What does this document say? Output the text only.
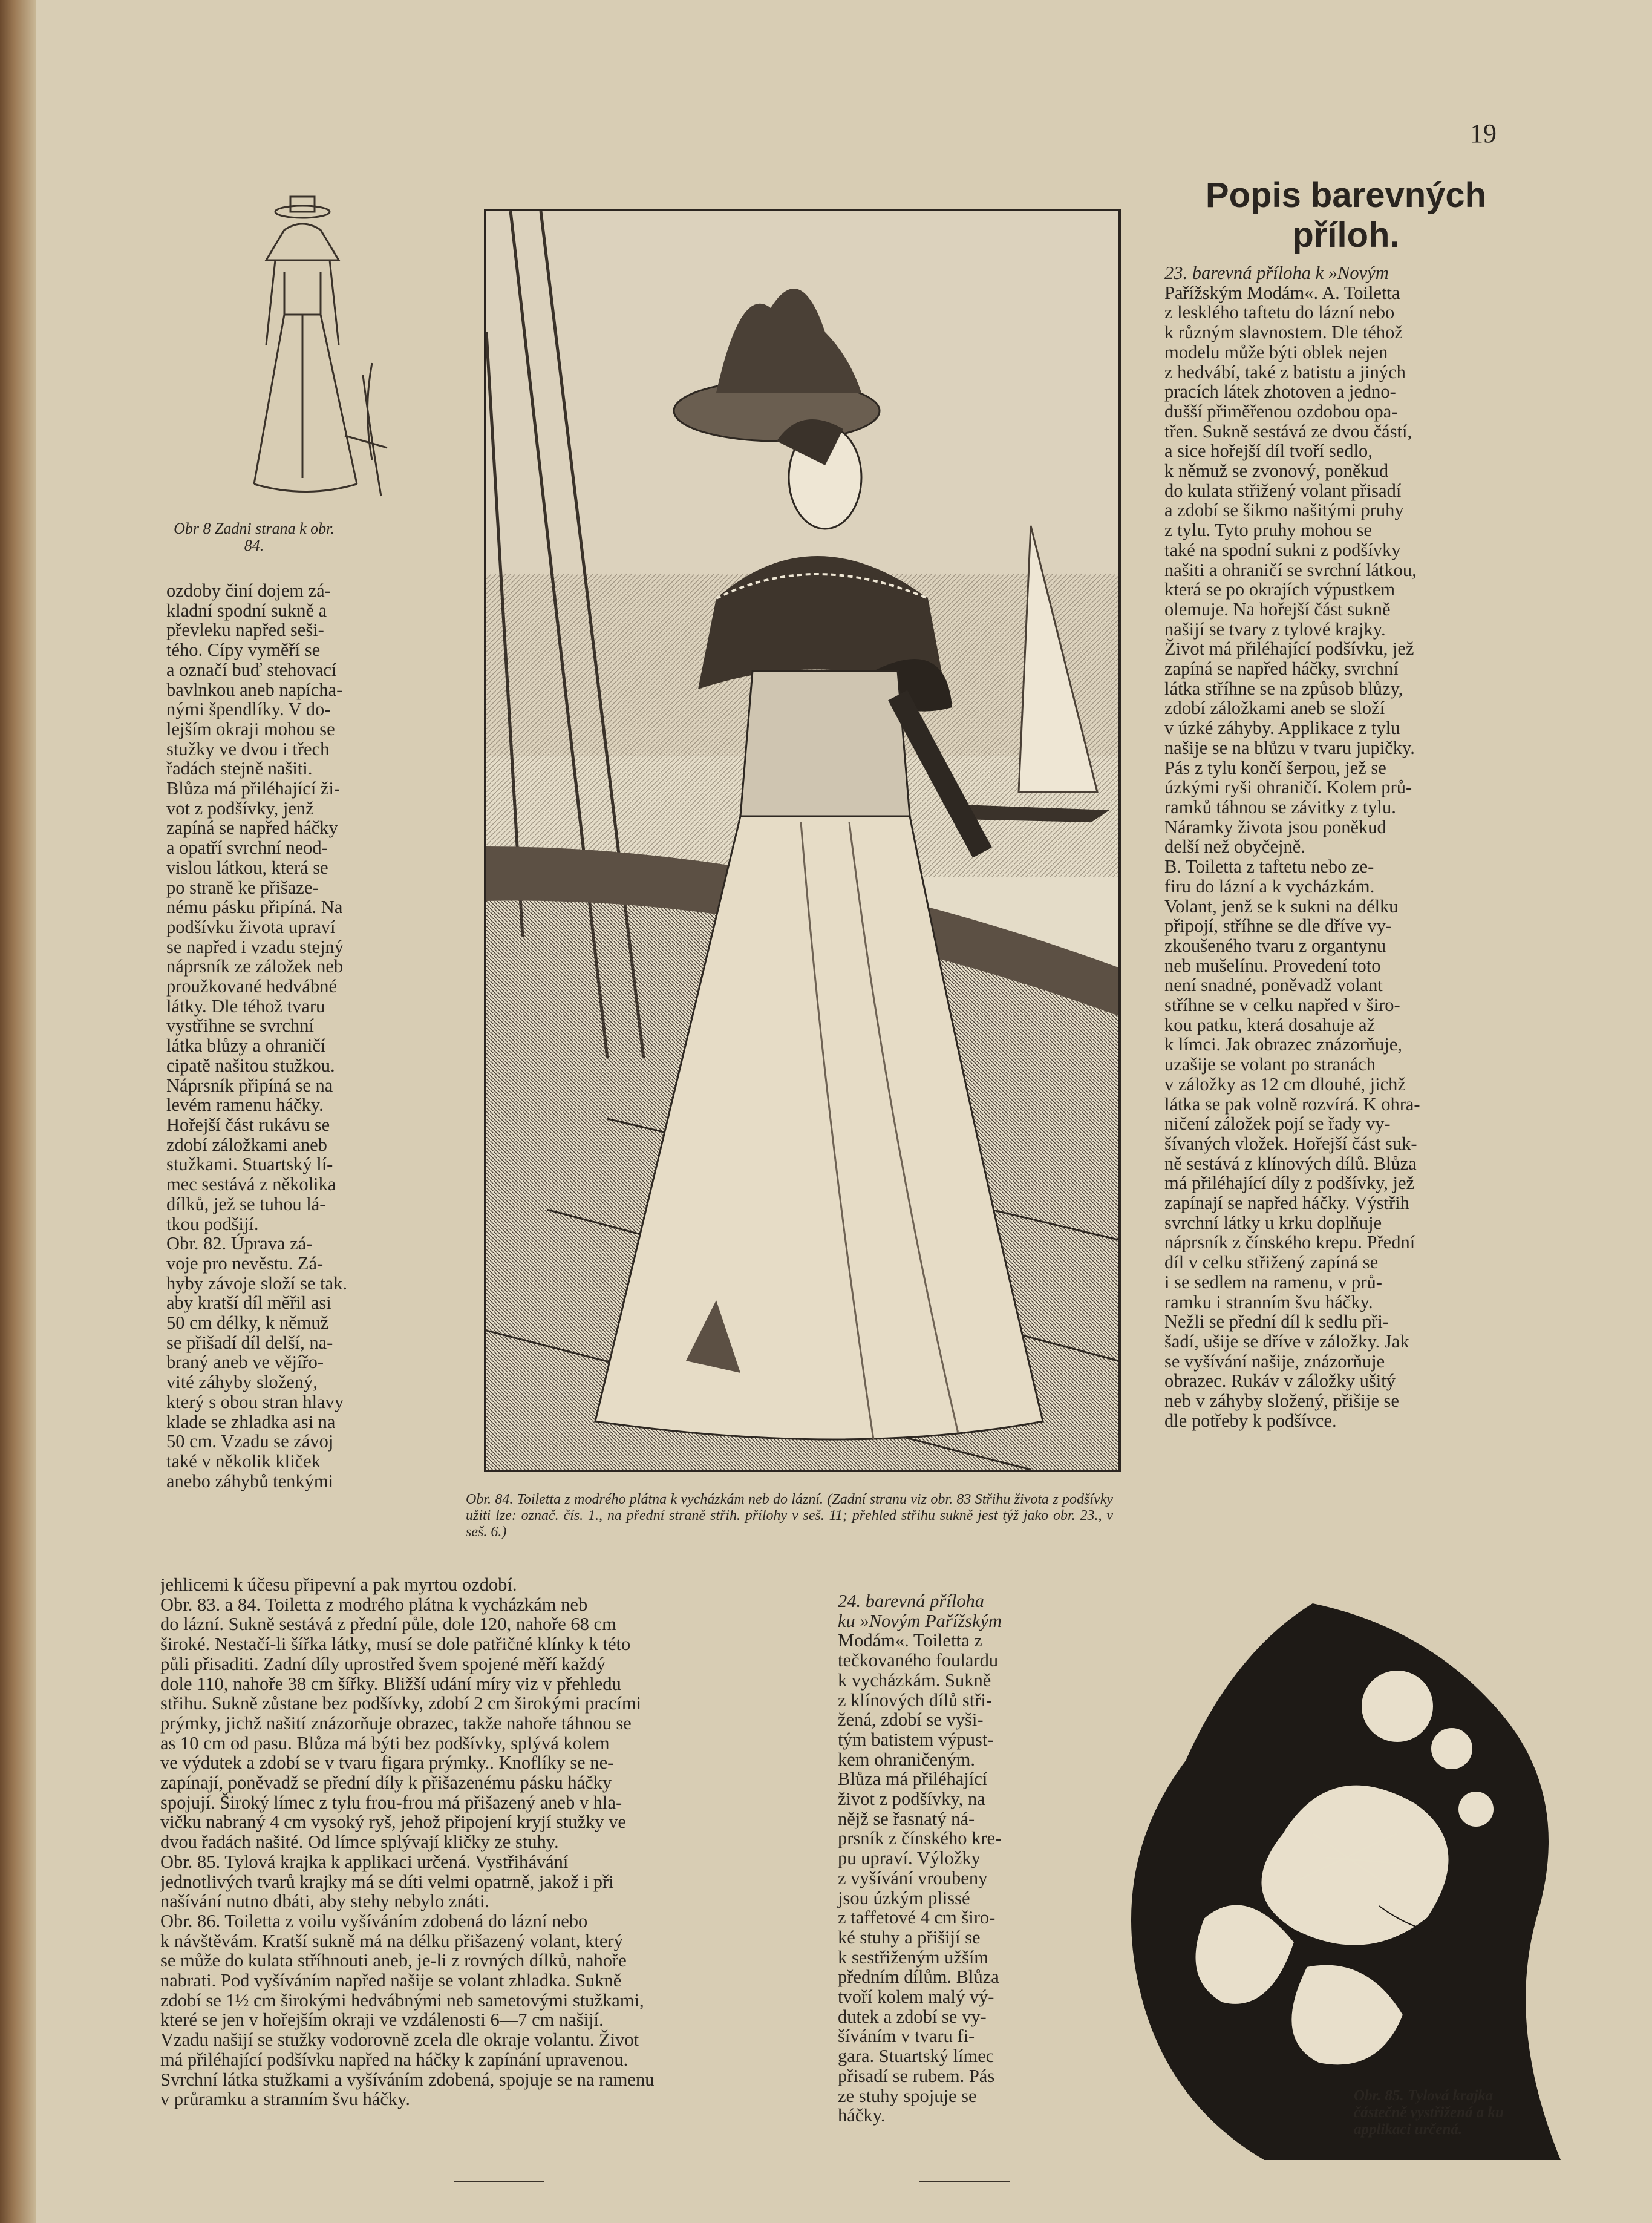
19
Obr 8 Zadni strana k obr. 84.

ozdoby činí dojem zá-

kladní spodní sukně a

převleku napřed seši-

tého. Cípy vyměří se

a označí buď stehovací

bavlnkou aneb napícha-

nými špendlíky. V do-

lejším okraji mohou se

stužky ve dvou i třech

řadách stejně našiti.

Blůza má přiléhající ži-

vot z podšívky, jenž

zapíná se napřed háčky

a opatří svrchní neod-

vislou látkou, která se

po straně ke přišaze-

nému pásku připíná. Na

podšívku života upraví

se napřed i vzadu stejný

náprsník ze záložek neb

proužkované hedvábné

látky. Dle téhož tvaru

vystřihne se svrchní

látka blůzy a ohraničí

cipatě našitou stužkou.

Náprsník připíná se na

levém ramenu háčky.

Hořejší část rukávu se

zdobí záložkami aneb

stužkami. Stuartský lí-

mec sestává z několika

dílků, jež se tuhou lá-

tkou podšijí.

Obr. 82. Úprava zá-

voje pro nevěstu. Zá-

hyby závoje složí se tak.

aby kratší díl měřil asi

50 cm délky, k němuž

se přišadí díl delší, na-

braný aneb ve vějířo-

vité záhyby složený,

který s obou stran hlavy

klade se zhladka asi na

50 cm. Vzadu se závoj

také v několik kliček

anebo záhybů tenkými

Obr. 84. Toiletta z modrého plátna k vycházkám neb do lázní. (Zadní stranu viz obr. 83 Střihu života z podšívky užiti lze: označ. čís. 1., na přední straně střih. přílohy v seš. 11; přehled střihu sukně jest týž jako obr. 23., v seš. 6.)
Popis barevných příloh.

23. barevná příloha k »Novým

Pařížským Modám«. A. Toiletta

z lesklého taftetu do lázní nebo

k různým slavnostem. Dle téhož

modelu může býti oblek nejen

z hedvábí, také z batistu a jiných

pracích látek zhotoven a jedno-

dušší přiměřenou ozdobou opa-

třen. Sukně sestává ze dvou částí,

a sice hořejší díl tvoří sedlo,

k němuž se zvonový, poněkud

do kulata střižený volant přisadí

a zdobí se šikmo našitými pruhy

z tylu. Tyto pruhy mohou se

také na spodní sukni z podšívky

našiti a ohraničí se svrchní látkou,

která se po okrajích výpustkem

olemuje. Na hořejší část sukně

našijí se tvary z tylové krajky.

Život má přiléhající podšívku, jež

zapíná se napřed háčky, svrchní

látka stříhne se na způsob blůzy,

zdobí záložkami aneb se složí

v úzké záhyby. Applikace z tylu

našije se na blůzu v tvaru jupičky.

Pás z tylu končí šerpou, jež se

úzkými ryši ohraničí. Kolem prů-

ramků táhnou se závitky z tylu.

Náramky života jsou poněkud

delší než obyčejně.

B. Toiletta z taftetu nebo ze-

firu do lázní a k vycházkám.

Volant, jenž se k sukni na délku

připojí, stříhne se dle dříve vy-

zkoušeného tvaru z organtynu

neb mušelínu. Provedení toto

není snadné, poněvadž volant

stříhne se v celku napřed v širo-

kou patku, která dosahuje až

k límci. Jak obrazec znázorňuje,

uzašije se volant po stranách

v záložky as 12 cm dlouhé, jichž

látka se pak volně rozvírá. K ohra-

ničení záložek pojí se řady vy-

šívaných vložek. Hořejší část suk-

ně sestává z klínových dílů. Blůza

má přiléhající díly z podšívky, jež

zapínají se napřed háčky. Výstřih

svrchní látky u krku doplňuje

náprsník z čínského krepu. Přední

díl v celku střižený zapíná se

i se sedlem na ramenu, v prů-

ramku i stranním švu háčky.

Nežli se přední díl k sedlu při-

šadí, ušije se dříve v záložky. Jak

se vyšívání našije, znázorňuje

obrazec. Rukáv v záložky ušitý

neb v záhyby složený, přišije se

dle potřeby k podšívce.

jehlicemi k účesu připevní a pak myrtou ozdobí.

Obr. 83. a 84. Toiletta z modrého plátna k vycházkám neb

do lázní. Sukně sestává z přední půle, dole 120, nahoře 68 cm

široké. Nestačí-li šířka látky, musí se dole patřičné klínky k této

půli přisaditi. Zadní díly uprostřed švem spojené měří každý

dole 110, nahoře 38 cm šířky. Bližší udání míry viz v přehledu

střihu. Sukně zůstane bez podšívky, zdobí 2 cm širokými pracími

prýmky, jichž našití znázorňuje obrazec, takže nahoře táhnou se

as 10 cm od pasu. Blůza má býti bez podšívky, splývá kolem

ve výdutek a zdobí se v tvaru figara prýmky.. Knoflíky se ne-

zapínají, poněvadž se přední díly k přišazenému pásku háčky

spojují. Široký límec z tylu frou-frou má přišazený aneb v hla-

vičku nabraný 4 cm vysoký ryš, jehož připojení kryjí stužky ve

dvou řadách našité. Od límce splývají kličky ze stuhy.

Obr. 85. Tylová krajka k applikaci určená. Vystřihávání

jednotlivých tvarů krajky má se díti velmi opatrně, jakož i při

našívání nutno dbáti, aby stehy nebylo znáti.

Obr. 86. Toiletta z voilu vyšíváním zdobená do lázní nebo

k návštěvám. Kratší sukně má na délku přišazený volant, který

se může do kulata stříhnouti aneb, je-li z rovných dílků, nahoře

nabrati. Pod vyšíváním napřed našije se volant zhladka. Sukně

zdobí se 1½ cm širokými hedvábnými neb sametovými stužkami,

které se jen v hořejším okraji ve vzdálenosti 6—7 cm našijí.

Vzadu našijí se stužky vodorovně zcela dle okraje volantu. Život

má přiléhající podšívku napřed na háčky k zapínání upravenou.

Svrchní látka stužkami a vyšíváním zdobená, spojuje se na ramenu

v průramku a stranním švu háčky.

24. barevná příloha

ku »Novým Pařížským

Modám«. Toiletta z

tečkovaného foulardu

k vycházkám. Sukně

z klínových dílů stři-

žená, zdobí se vyši-

tým batistem výpust-

kem ohraničeným.

Blůza má přiléhající

život z podšívky, na

nějž se řasnatý ná-

prsník z čínského kre-

pu upraví. Výložky

z vyšívání vroubeny

jsou úzkým plissé

z taffetové 4 cm širo-

ké stuhy a přišijí se

k sestřiženým užším

předním dílům. Blůza

tvoří kolem malý vý-

dutek a zdobí se vy-

šíváním v tvaru fi-

gara. Stuartský límec

přisadí se rubem. Pás

ze stuhy spojuje se

háčky.

Obr. 85. Tylová krajka částečně vystřižená a ku applikaci určená.
